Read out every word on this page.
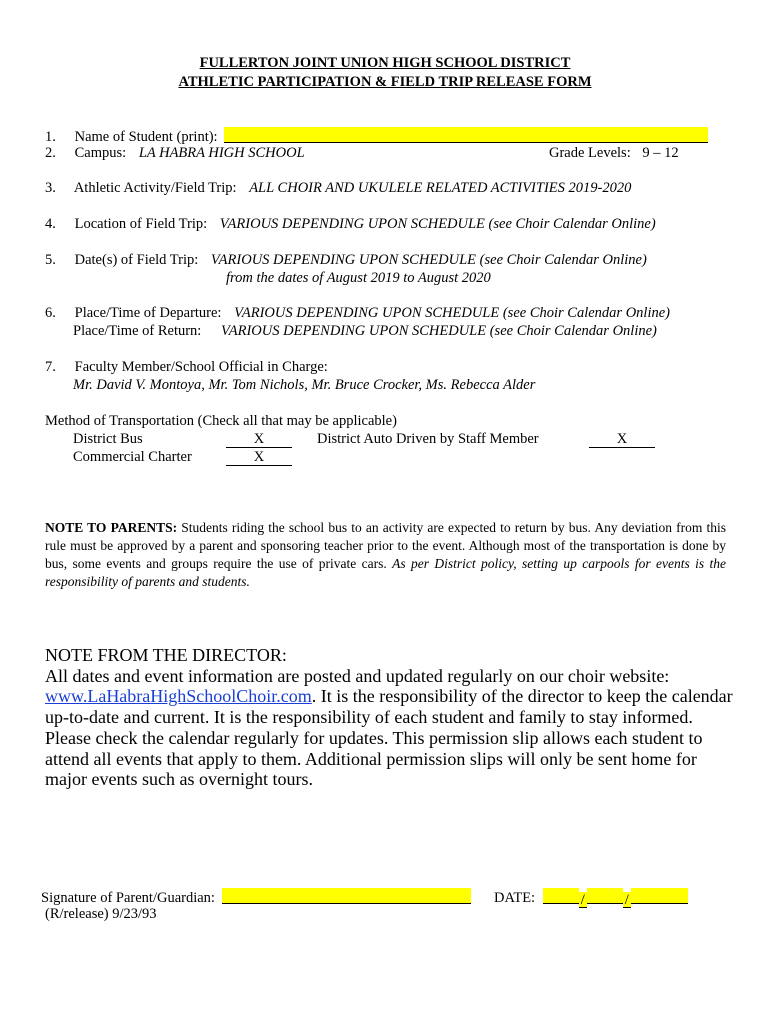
FULLERTON JOINT UNION HIGH SCHOOL DISTRICT
ATHLETIC PARTICIPATION & FIELD TRIP RELEASE FORM
1. Name of Student (print):
2. Campus: LA HABRA HIGH SCHOOL	Grade Levels: 9 – 12
3. Athletic Activity/Field Trip: ALL CHOIR AND UKULELE RELATED ACTIVITIES 2019-2020
4. Location of Field Trip: VARIOUS DEPENDING UPON SCHEDULE (see Choir Calendar Online)
5. Date(s) of Field Trip: VARIOUS DEPENDING UPON SCHEDULE (see Choir Calendar Online)
from the dates of August 2019 to August 2020
6. Place/Time of Departure: VARIOUS DEPENDING UPON SCHEDULE (see Choir Calendar Online)
Place/Time of Return: VARIOUS DEPENDING UPON SCHEDULE (see Choir Calendar Online)
7. Faculty Member/School Official in Charge:
Mr. David V. Montoya, Mr. Tom Nichols, Mr. Bruce Crocker, Ms. Rebecca Alder
Method of Transportation (Check all that may be applicable)
District Bus	X	District Auto Driven by Staff Member	X
Commercial Charter	X
NOTE TO PARENTS: Students riding the school bus to an activity are expected to return by bus. Any deviation from this rule must be approved by a parent and sponsoring teacher prior to the event. Although most of the transportation is done by bus, some events and groups require the use of private cars. As per District policy, setting up carpools for events is the responsibility of parents and students.
NOTE FROM THE DIRECTOR:
All dates and event information are posted and updated regularly on our choir website:
www.LaHabraHighSchoolChoir.com. It is the responsibility of the director to keep the calendar up-to-date and current. It is the responsibility of each student and family to stay informed. Please check the calendar regularly for updates. This permission slip allows each student to attend all events that apply to them. Additional permission slips will only be sent home for major events such as overnight tours.
Signature of Parent/Guardian:	DATE:	/	/
(R/release) 9/23/93
